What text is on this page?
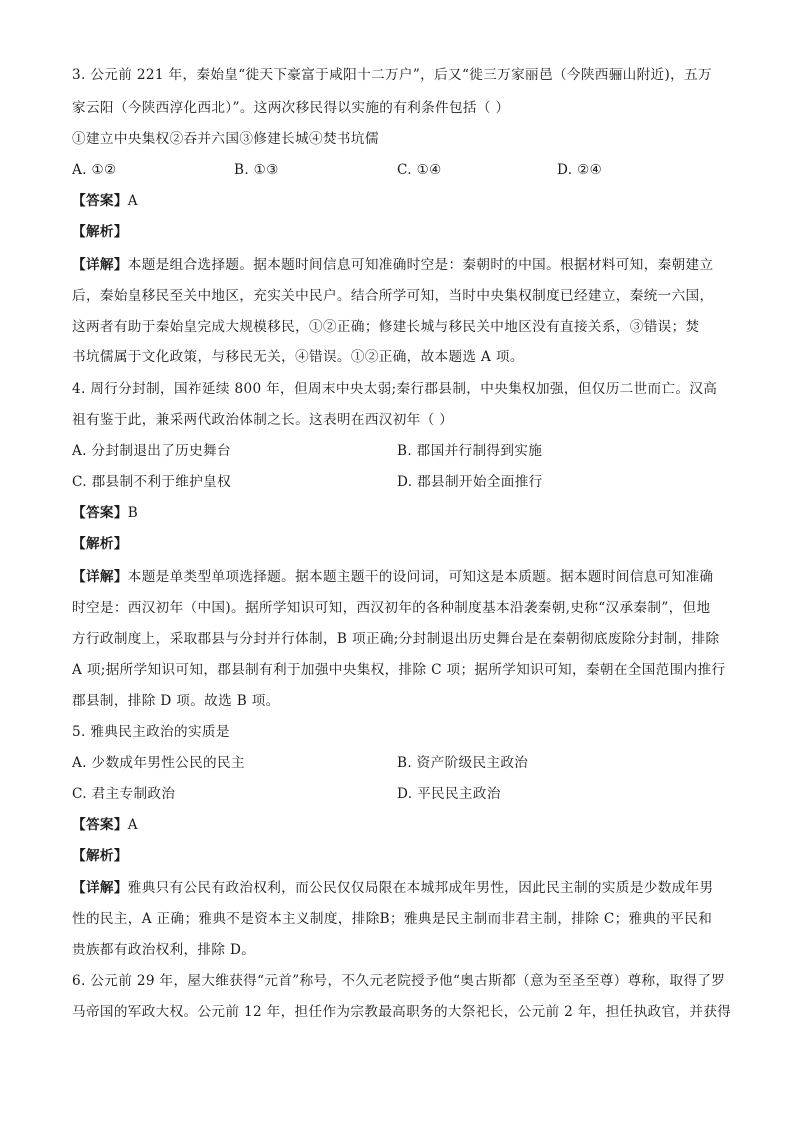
3. 公元前 221 年，秦始皇“徙天下豪富于咸阳十二万户”，后又“徙三万家丽邑（今陕西骊山附近)，五万
家云阳（今陕西淳化西北）”。这两次移民得以实施的有利条件包括（ ）
①建立中央集权②吞并六国③修建长城④焚书坑儒
A. ①②	B. ①③	C. ①④	D. ②④
【答案】A
【解析】
【详解】本题是组合选择题。据本题时间信息可知准确时空是：秦朝时的中国。根据材料可知，秦朝建立
后，秦始皇移民至关中地区，充实关中民户。结合所学可知，当时中央集权制度已经建立，秦统一六国，
这两者有助于秦始皇完成大规模移民，①②正确；修建长城与移民关中地区没有直接关系，③错误；焚
书坑儒属于文化政策，与移民无关，④错误。①②正确，故本题选 A 项。
4. 周行分封制，国祚延续 800 年，但周末中央太弱;秦行郡县制，中央集权加强，但仅历二世而亡。汉高
祖有鉴于此，兼采两代政治体制之长。这表明在西汉初年（ ）
A. 分封制退出了历史舞台	B. 郡国并行制得到实施
C. 郡县制不利于维护皇权	D. 郡县制开始全面推行
【答案】B
【解析】
【详解】本题是单类型单项选择题。据本题主题干的设问词，可知这是本质题。据本题时间信息可知准确
时空是：西汉初年（中国)。据所学知识可知，西汉初年的各种制度基本沿袭秦朝,史称“汉承秦制”，但地
方行政制度上，采取郡县与分封并行体制，B 项正确;分封制退出历史舞台是在秦朝彻底废除分封制，排除
A 项;据所学知识可知，郡县制有利于加强中央集权，排除 C 项；据所学知识可知，秦朝在全国范围内推行
郡县制，排除 D 项。故选 B 项。
5. 雅典民主政治的实质是
A. 少数成年男性公民的民主	B. 资产阶级民主政治
C. 君主专制政治	D. 平民民主政治
【答案】A
【解析】
【详解】雅典只有公民有政治权利，而公民仅仅局限在本城邦成年男性，因此民主制的实质是少数成年男
性的民主，A 正确；雅典不是资本主义制度，排除B；雅典是民主制而非君主制，排除 C；雅典的平民和
贵族都有政治权利，排除 D。
6. 公元前 29 年，屋大维获得“元首”称号，不久元老院授予他“奥古斯都（意为至圣至尊）尊称，取得了罗
马帝国的军政大权。公元前 12 年，担任作为宗教最高职务的大祭祀长，公元前 2 年，担任执政官，并获得
